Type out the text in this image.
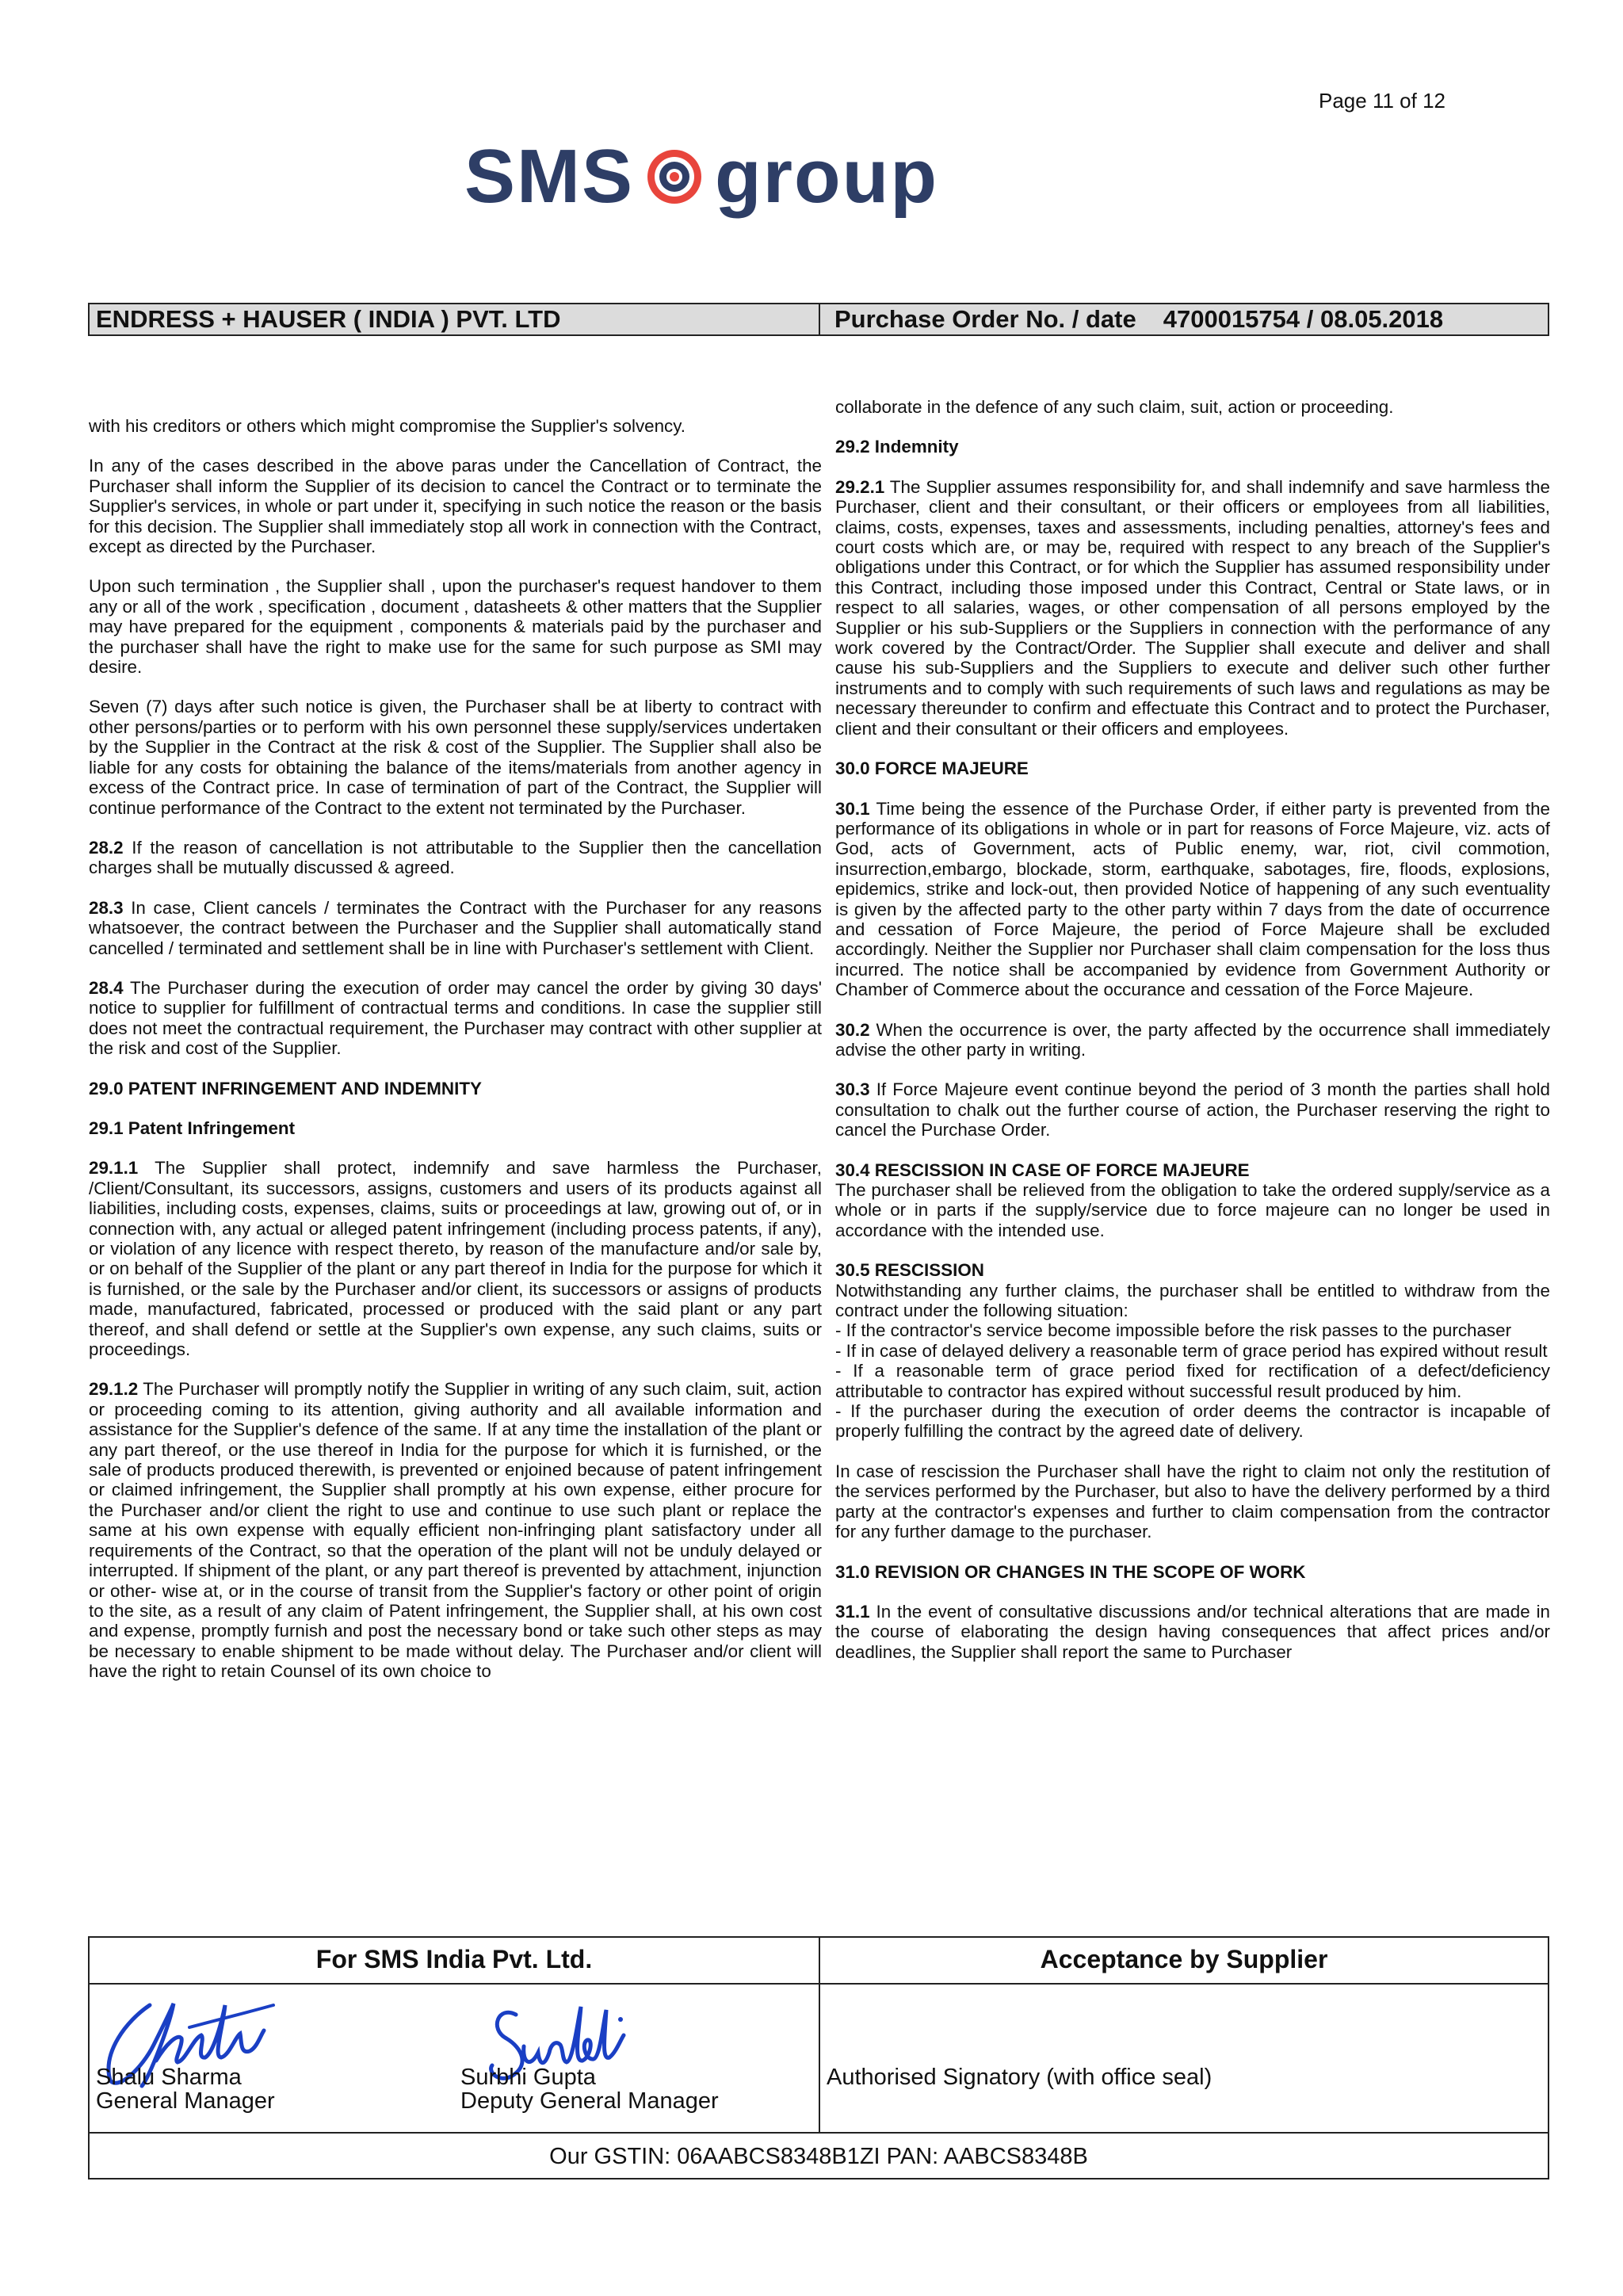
Page 11 of 12
SMS group
ENDRESS + HAUSER ( INDIA ) PVT. LTD	Purchase Order No. / date 4700015754 / 08.05.2018

with his creditors or others which might compromise the Supplier's solvency.

In any of the cases described in the above paras under the Cancellation of Contract, the Purchaser shall inform the Supplier of its decision to cancel the Contract or to terminate the Supplier's services, in whole or part under it, specifying in such notice the reason or the basis for this decision. The Supplier shall immediately stop all work in connection with the Contract, except as directed by the Purchaser.

Upon such termination , the Supplier shall , upon the purchaser's request handover to them any or all of the work , specification , document , datasheets & other matters that the Supplier may have prepared for the equipment , components & materials paid by the purchaser and the purchaser shall have the right to make use for the same for such purpose as SMI may desire.

Seven (7) days after such notice is given, the Purchaser shall be at liberty to contract with other persons/parties or to perform with his own personnel these supply/services undertaken by the Supplier in the Contract at the risk & cost of the Supplier. The Supplier shall also be liable for any costs for obtaining the balance of the items/materials from another agency in excess of the Contract price. In case of termination of part of the Contract, the Supplier will continue performance of the Contract to the extent not terminated by the Purchaser.

28.2 If the reason of cancellation is not attributable to the Supplier then the cancellation charges shall be mutually discussed & agreed.

28.3 In case, Client cancels / terminates the Contract with the Purchaser for any reasons whatsoever, the contract between the Purchaser and the Supplier shall automatically stand cancelled / terminated and settlement shall be in line with Purchaser's settlement with Client.

28.4 The Purchaser during the execution of order may cancel the order by giving 30 days' notice to supplier for fulfillment of contractual terms and conditions. In case the supplier still does not meet the contractual requirement, the Purchaser may contract with other supplier at the risk and cost of the Supplier.

29.0 PATENT INFRINGEMENT AND INDEMNITY
29.1 Patent Infringement

29.1.1 The Supplier shall protect, indemnify and save harmless the Purchaser, /Client/Consultant, its successors, assigns, customers and users of its products against all liabilities, including costs, expenses, claims, suits or proceedings at law, growing out of, or in connection with, any actual or alleged patent infringement (including process patents, if any), or violation of any licence with respect thereto, by reason of the manufacture and/or sale by, or on behalf of the Supplier of the plant or any part thereof in India for the purpose for which it is furnished, or the sale by the Purchaser and/or client, its successors or assigns of products made, manufactured, fabricated, processed or produced with the said plant or any part thereof, and shall defend or settle at the Supplier's own expense, any such claims, suits or proceedings.

29.1.2 The Purchaser will promptly notify the Supplier in writing of any such claim, suit, action or proceeding coming to its attention, giving authority and all available information and assistance for the Supplier's defence of the same. If at any time the installation of the plant or any part thereof, or the use thereof in India for the purpose for which it is furnished, or the sale of products produced therewith, is prevented or enjoined because of patent infringement or claimed infringement, the Supplier shall promptly at his own expense, either procure for the Purchaser and/or client the right to use and continue to use such plant or replace the same at his own expense with equally efficient non-infringing plant satisfactory under all requirements of the Contract, so that the operation of the plant will not be unduly delayed or interrupted. If shipment of the plant, or any part thereof is prevented by attachment, injunction or other- wise at, or in the course of transit from the Supplier's factory or other point of origin to the site, as a result of any claim of Patent infringement, the Supplier shall, at his own cost and expense, promptly furnish and post the necessary bond or take such other steps as may be necessary to enable shipment to be made without delay. The Purchaser and/or client will have the right to retain Counsel of its own choice to

collaborate in the defence of any such claim, suit, action or proceeding.

29.2 Indemnity

29.2.1 The Supplier assumes responsibility for, and shall indemnify and save harmless the Purchaser, client and their consultant, or their officers or employees from all liabilities, claims, costs, expenses, taxes and assessments, including penalties, attorney's fees and court costs which are, or may be, required with respect to any breach of the Supplier's obligations under this Contract, or for which the Supplier has assumed responsibility under this Contract, including those imposed under this Contract, Central or State laws, or in respect to all salaries, wages, or other compensation of all persons employed by the Supplier or his sub-Suppliers or the Suppliers in connection with the performance of any work covered by the Contract/Order. The Supplier shall execute and deliver and shall cause his sub-Suppliers and the Suppliers to execute and deliver such other further instruments and to comply with such requirements of such laws and regulations as may be necessary thereunder to confirm and effectuate this Contract and to protect the Purchaser, client and their consultant or their officers and employees.

30.0 FORCE MAJEURE

30.1 Time being the essence of the Purchase Order, if either party is prevented from the performance of its obligations in whole or in part for reasons of Force Majeure, viz. acts of God, acts of Government, acts of Public enemy, war, riot, civil commotion, insurrection,embargo, blockade, storm, earthquake, sabotages, fire, floods, explosions, epidemics, strike and lock-out, then provided Notice of happening of any such eventuality is given by the affected party to the other party within 7 days from the date of occurrence and cessation of Force Majeure, the period of Force Majeure shall be excluded accordingly. Neither the Supplier nor Purchaser shall claim compensation for the loss thus incurred. The notice shall be accompanied by evidence from Government Authority or Chamber of Commerce about the occurance and cessation of the Force Majeure.

30.2 When the occurrence is over, the party affected by the occurrence shall immediately advise the other party in writing.

30.3 If Force Majeure event continue beyond the period of 3 month the parties shall hold consultation to chalk out the further course of action, the Purchaser reserving the right to cancel the Purchase Order.

30.4 RESCISSION IN CASE OF FORCE MAJEURE

The purchaser shall be relieved from the obligation to take the ordered supply/service as a whole or in parts if the supply/service due to force majeure can no longer be used in accordance with the intended use.

30.5 RESCISSION

Notwithstanding any further claims, the purchaser shall be entitled to withdraw from the contract under the following situation:

- If the contractor's service become impossible before the risk passes to the purchaser

- If in case of delayed delivery a reasonable term of grace period has expired without result

- If a reasonable term of grace period fixed for rectification of a defect/deficiency attributable to contractor has expired without successful result produced by him.

- If the purchaser during the execution of order deems the contractor is incapable of properly fulfilling the contract by the agreed date of delivery.

In case of rescission the Purchaser shall have the right to claim not only the restitution of the services performed by the Purchaser, but also to have the delivery performed by a third party at the contractor's expenses and further to claim compensation from the contractor for any further damage to the purchaser.

31.0 REVISION OR CHANGES IN THE SCOPE OF WORK

31.1 In the event of consultative discussions and/or technical alterations that are made in the course of elaborating the design having consequences that affect prices and/or deadlines, the Supplier shall report the same to Purchaser

For SMS India Pvt. Ltd.	Acceptance by Supplier
Shalu Sharma
General Manager
Surbhi Gupta
Deputy General Manager
Authorised Signatory (with office seal)
Our GSTIN: 06AABCS8348B1ZI PAN: AABCS8348B
